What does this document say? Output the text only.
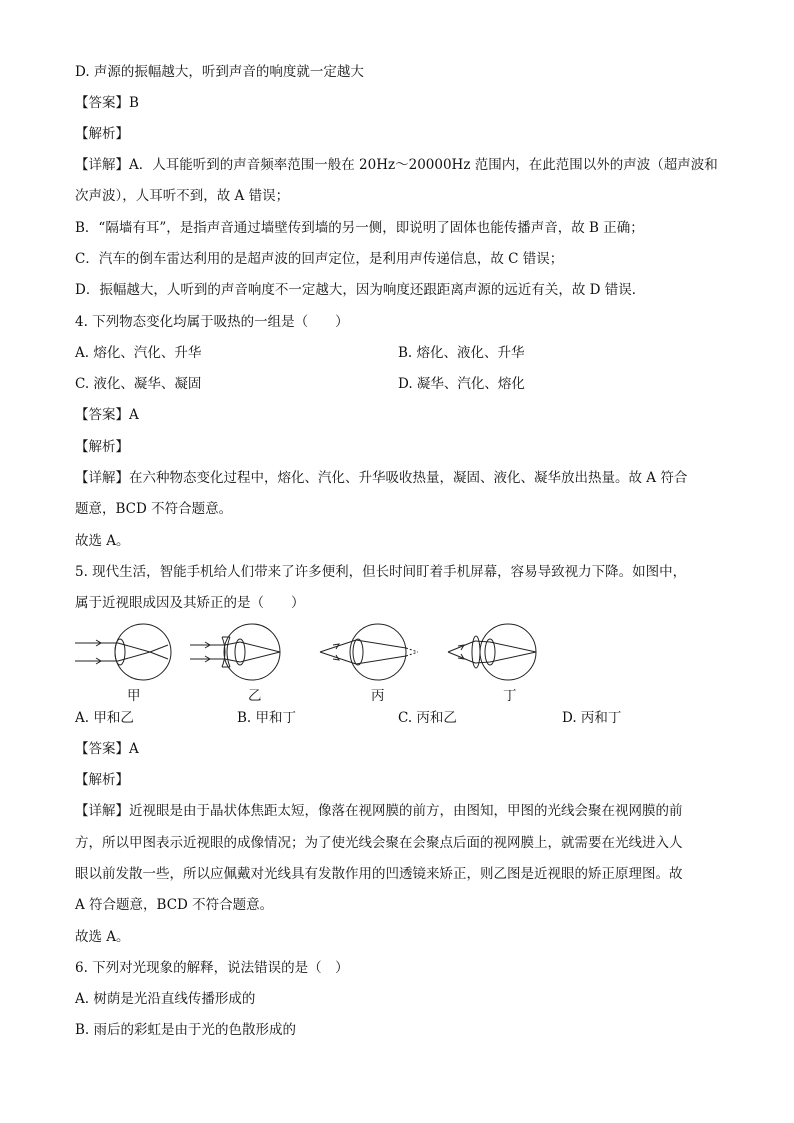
D. 声源的振幅越大，听到声音的响度就一定越大
【答案】B
【解析】
【详解】A．人耳能听到的声音频率范围一般在 20Hz～20000Hz 范围内，在此范围以外的声波（超声波和
次声波），人耳听不到，故 A 错误；
B．“隔墙有耳”，是指声音通过墙壁传到墙的另一侧，即说明了固体也能传播声音，故 B 正确；
C．汽车的倒车雷达利用的是超声波的回声定位，是利用声传递信息，故 C 错误；
D．振幅越大，人听到的声音响度不一定越大，因为响度还跟距离声源的远近有关，故 D 错误．
4. 下列物态变化均属于吸热的一组是（　　）
A. 熔化、汽化、升华	B. 熔化、液化、升华
C. 液化、凝华、凝固	D. 凝华、汽化、熔化
【答案】A
【解析】
【详解】在六种物态变化过程中，熔化、汽化、升华吸收热量，凝固、液化、凝华放出热量。故 A 符合
题意，BCD 不符合题意。
故选 A。
5. 现代生活，智能手机给人们带来了许多便利，但长时间盯着手机屏幕，容易导致视力下降。如图中，
属于近视眼成因及其矫正的是（　　）
甲	乙	丙	丁
A. 甲和乙	B. 甲和丁	C. 丙和乙	D. 丙和丁
【答案】A
【解析】
【详解】近视眼是由于晶状体焦距太短，像落在视网膜的前方，由图知，甲图的光线会聚在视网膜的前
方，所以甲图表示近视眼的成像情况；为了使光线会聚在会聚点后面的视网膜上，就需要在光线进入人
眼以前发散一些，所以应佩戴对光线具有发散作用的凹透镜来矫正，则乙图是近视眼的矫正原理图。故
A 符合题意，BCD 不符合题意。
故选 A。
6. 下列对光现象的解释，说法错误的是（　）
A. 树荫是光沿直线传播形成的
B. 雨后的彩虹是由于光的色散形成的
